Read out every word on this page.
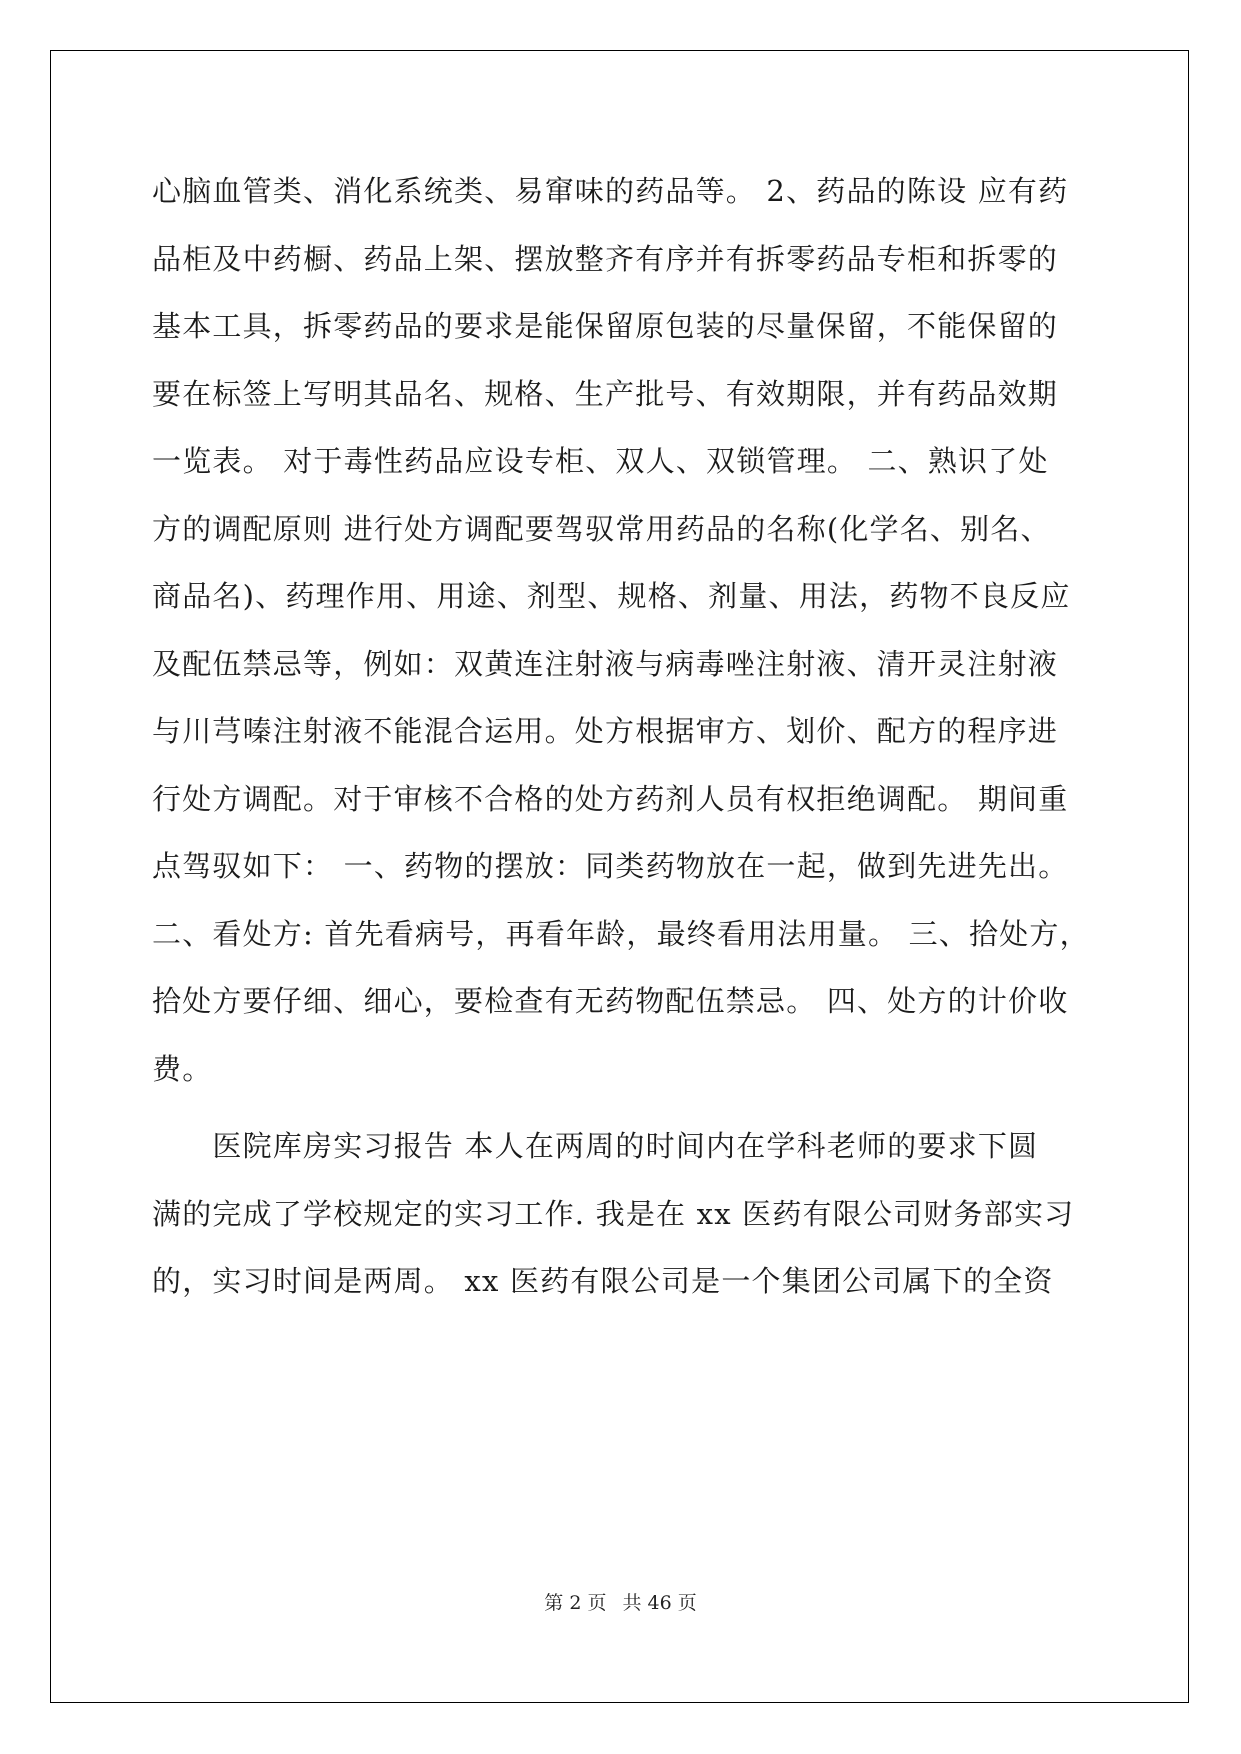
心脑血管类、消化系统类、易窜味的药品等。 2、药品的陈设 应有药
品柜及中药橱、药品上架、摆放整齐有序并有拆零药品专柜和拆零的
基本工具，拆零药品的要求是能保留原包装的尽量保留，不能保留的
要在标签上写明其品名、规格、生产批号、有效期限，并有药品效期
一览表。 对于毒性药品应设专柜、双人、双锁管理。 二、熟识了处
方的调配原则 进行处方调配要驾驭常用药品的名称(化学名、别名、
商品名)、药理作用、用途、剂型、规格、剂量、用法，药物不良反应
及配伍禁忌等，例如：双黄连注射液与病毒唑注射液、清开灵注射液
与川芎嗪注射液不能混合运用。处方根据审方、划价、配方的程序进
行处方调配。对于审核不合格的处方药剂人员有权拒绝调配。 期间重
点驾驭如下： 一、药物的摆放：同类药物放在一起，做到先进先出。
二、看处方: 首先看病号，再看年龄，最终看用法用量。 三、拾处方，
拾处方要仔细、细心，要检查有无药物配伍禁忌。 四、处方的计价收
费。
　　医院库房实习报告 本人在两周的时间内在学科老师的要求下圆
满的完成了学校规定的实习工作. 我是在 xx 医药有限公司财务部实习
的，实习时间是两周。 xx 医药有限公司是一个集团公司属下的全资
第 2 页 共 46 页
